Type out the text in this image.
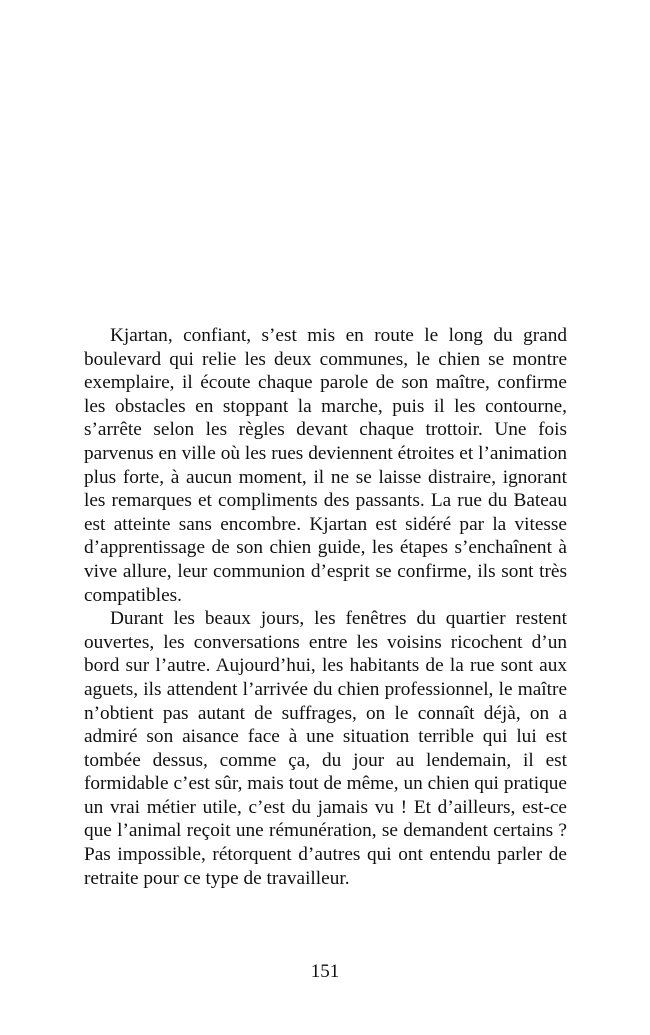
Kjartan, confiant, s’est mis en route le long du grand boulevard qui relie les deux communes, le chien se montre exemplaire, il écoute chaque parole de son maître, confirme les obstacles en stoppant la marche, puis il les contourne, s’arrête selon les règles devant chaque trottoir. Une fois parvenus en ville où les rues deviennent étroites et l’animation plus forte, à aucun moment, il ne se laisse distraire, ignorant les remarques et compliments des passants. La rue du Bateau est atteinte sans encombre. Kjartan est sidéré par la vitesse d’apprentissage de son chien guide, les étapes s’enchaînent à vive allure, leur communion d’esprit se confirme, ils sont très compatibles.

Durant les beaux jours, les fenêtres du quartier restent ouvertes, les conversations entre les voisins ricochent d’un bord sur l’autre. Aujourd’hui, les habitants de la rue sont aux aguets, ils attendent l’arrivée du chien professionnel, le maître n’obtient pas autant de suffrages, on le connaît déjà, on a admiré son aisance face à une situation terrible qui lui est tombée dessus, comme ça, du jour au lendemain, il est formidable c’est sûr, mais tout de même, un chien qui pratique un vrai métier utile, c’est du jamais vu ! Et d’ailleurs, est-ce que l’animal reçoit une rémunération, se demandent certains ? Pas impossible, rétorquent d’autres qui ont entendu parler de retraite pour ce type de travailleur.

151
